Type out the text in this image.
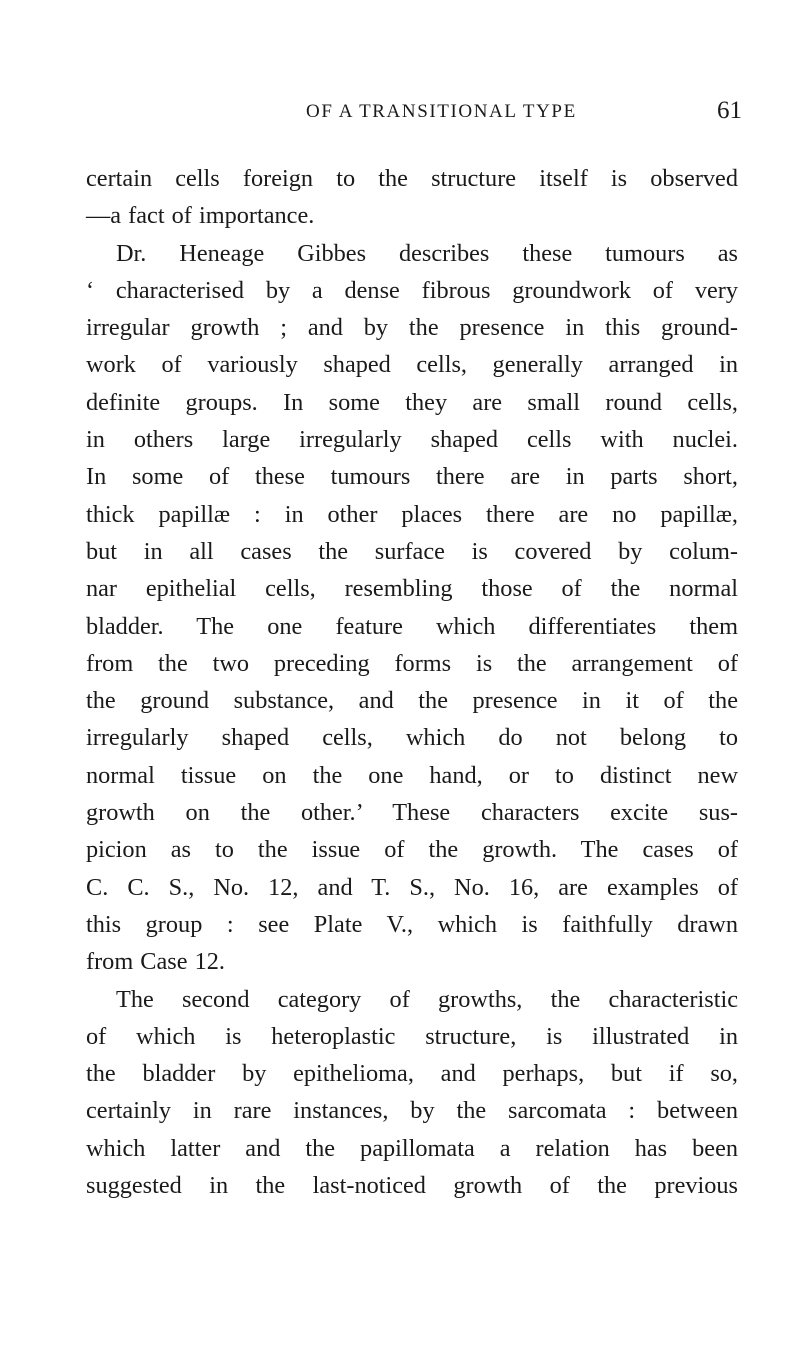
OF A TRANSITIONAL TYPE	61
certain cells foreign to the structure itself is observed
—a fact of importance.
Dr. Heneage Gibbes describes these tumours as
‘ characterised by a dense fibrous groundwork of very
irregular growth ; and by the presence in this ground-
work of variously shaped cells, generally arranged in
definite groups. In some they are small round cells,
in others large irregularly shaped cells with nuclei.
In some of these tumours there are in parts short,
thick papillæ : in other places there are no papillæ,
but in all cases the surface is covered by colum-
nar epithelial cells, resembling those of the normal
bladder. The one feature which differentiates them
from the two preceding forms is the arrangement of
the ground substance, and the presence in it of the
irregularly shaped cells, which do not belong to
normal tissue on the one hand, or to distinct new
growth on the other.’ These characters excite sus-
picion as to the issue of the growth. The cases of
C. C. S., No. 12, and T. S., No. 16, are examples of
this group : see Plate V., which is faithfully drawn
from Case 12.
The second category of growths, the characteristic
of which is heteroplastic structure, is illustrated in
the bladder by epithelioma, and perhaps, but if so,
certainly in rare instances, by the sarcomata : between
which latter and the papillomata a relation has been
suggested in the last-noticed growth of the previous
